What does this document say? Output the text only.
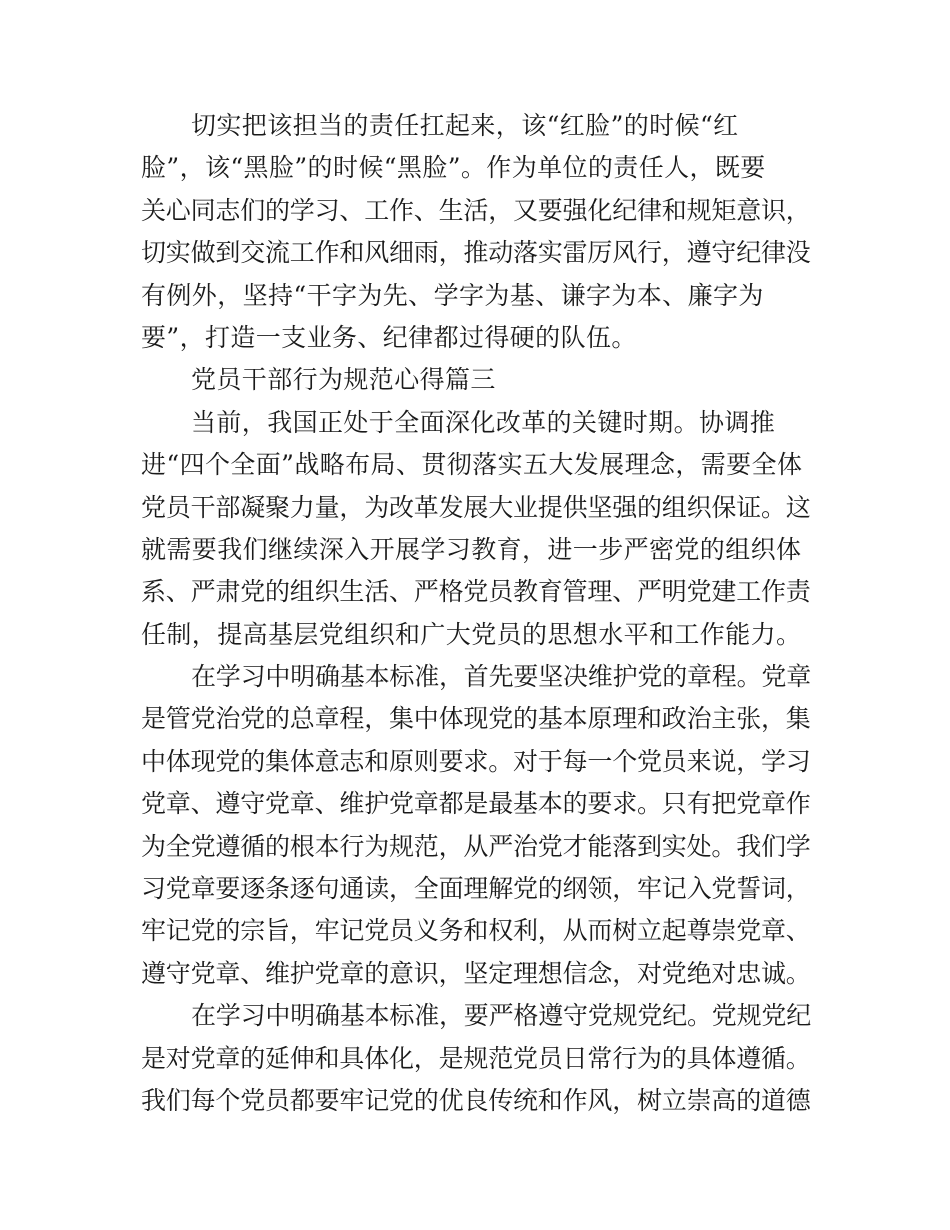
切实把该担当的责任扛起来，该“红脸”的时候“红
脸”，该“黑脸”的时候“黑脸”。作为单位的责任人，既要
关心同志们的学习、工作、生活，又要强化纪律和规矩意识，
切实做到交流工作和风细雨，推动落实雷厉风行，遵守纪律没
有例外，坚持“干字为先、学字为基、谦字为本、廉字为
要”，打造一支业务、纪律都过得硬的队伍。
党员干部行为规范心得篇三
当前，我国正处于全面深化改革的关键时期。协调推
进“四个全面”战略布局、贯彻落实五大发展理念，需要全体
党员干部凝聚力量，为改革发展大业提供坚强的组织保证。这
就需要我们继续深入开展学习教育，进一步严密党的组织体
系、严肃党的组织生活、严格党员教育管理、严明党建工作责
任制，提高基层党组织和广大党员的思想水平和工作能力。
在学习中明确基本标准，首先要坚决维护党的章程。党章
是管党治党的总章程，集中体现党的基本原理和政治主张，集
中体现党的集体意志和原则要求。对于每一个党员来说，学习
党章、遵守党章、维护党章都是最基本的要求。只有把党章作
为全党遵循的根本行为规范，从严治党才能落到实处。我们学
习党章要逐条逐句通读，全面理解党的纲领，牢记入党誓词，
牢记党的宗旨，牢记党员义务和权利，从而树立起尊崇党章、
遵守党章、维护党章的意识，坚定理想信念，对党绝对忠诚。
在学习中明确基本标准，要严格遵守党规党纪。党规党纪
是对党章的延伸和具体化，是规范党员日常行为的具体遵循。
我们每个党员都要牢记党的优良传统和作风，树立崇高的道德
